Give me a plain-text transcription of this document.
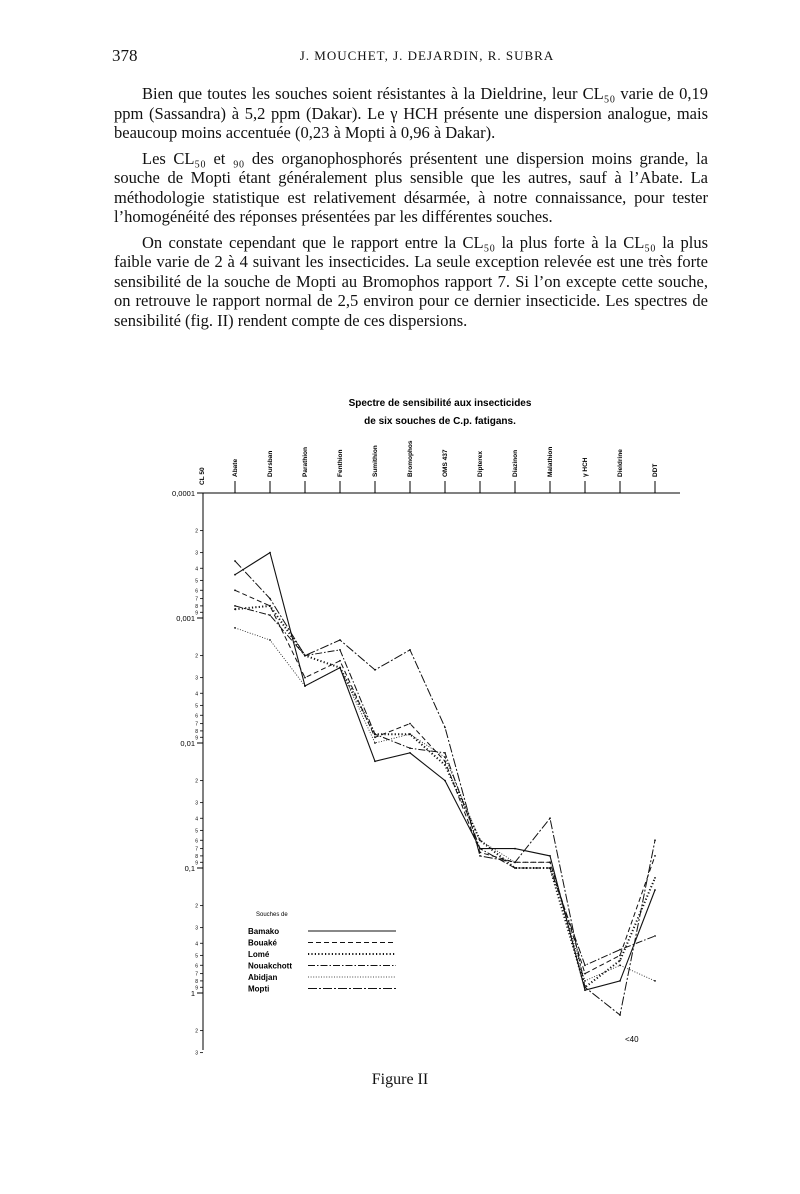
378	J. MOUCHET, J. DEJARDIN, R. SUBRA

Bien que toutes les souches soient résistantes à la Dieldrine, leur CL₅₀ varie de 0,19 ppm (Sassandra) à 5,2 ppm (Dakar). Le γ HCH présente une dispersion analogue, mais beaucoup moins accentuée (0,23 à Mopti à 0,96 à Dakar).

Les CL₅₀ et ₉₀ des organophosphorés présentent une dispersion moins grande, la souche de Mopti étant généralement plus sensible que les autres, sauf à l’Abate. La méthodologie statistique est relativement désarmée, à notre connaissance, pour tester l’homogénéité des réponses présentées par les différentes souches.

On constate cependant que le rapport entre la CL₅₀ la plus forte à la CL₅₀ la plus faible varie de 2 à 4 suivant les insecticides. La seule exception relevée est une très forte sensibilité de la souche de Mopti au Bromophos rapport 7. Si l’on excepte cette souche, on retrouve le rapport normal de 2,5 environ pour ce dernier insecticide. Les spectres de sensibilité (fig. II) rendent compte de ces dispersions.

Spectre de sensibilité aux insecticides
de six souches de C.p. fatigans.
CL 50
0,0001
0,001
0,01
0,1
1
2
3
4
5
6
7
8
9
2
3
4
5
6
7
8
9
2
3
4
5
6
7
8
9
2
3
4
5
6
7
8
9
2
3
Abate	Dursban	Parathion	Fenthion	Sumithion	Bromophos	OMS 437	Dipterex	Diazinon	Malathion	γ HCH	Dieldrine	DDT
Souches de
Bamako
Bouaké
Lomé
Nouakchott
Abidjan
Mopti
<40
Figure II
